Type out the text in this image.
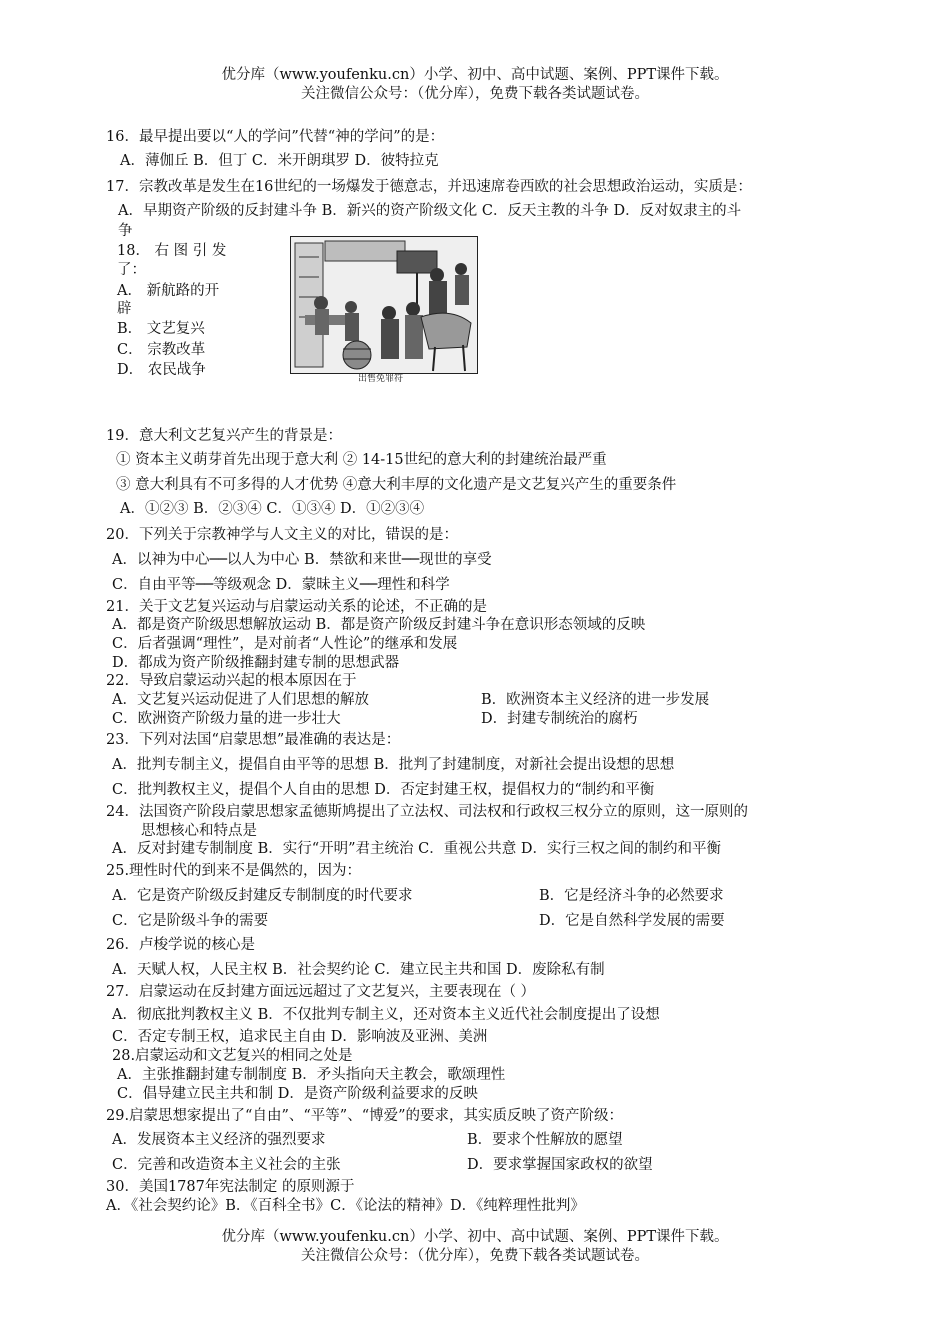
优分库（www.youfenku.cn）小学、初中、高中试题、案例、PPT课件下载。
关注微信公众号：（优分库），免费下载各类试题试卷。
16．最早提出要以“人的学问”代替“神的学问”的是：
A．薄伽丘 B．但丁 C．米开朗琪罗 D．彼特拉克
17．宗教改革是发生在16世纪的一场爆发于德意志，并迅速席卷西欧的社会思想政治运动，实质是：
A．早期资产阶级的反封建斗争 B．新兴的资产阶级文化 C．反天主教的斗争 D．反对奴隶主的斗
争
18． 右 图 引 发
了：
A． 新航路的开
辟
B． 文艺复兴
C． 宗教改革
D． 农民战争
19．意大利文艺复兴产生的背景是：
① 资本主义萌芽首先出现于意大利 ② 14-15世纪的意大利的封建统治最严重
③ 意大利具有不可多得的人才优势 ④意大利丰厚的文化遗产是文艺复兴产生的重要条件
A．①②③ B．②③④ C．①③④ D．①②③④
20．下列关于宗教神学与人文主义的对比，错误的是：
A．以神为中心──以人为中心 B．禁欲和来世──现世的享受
C．自由平等──等级观念 D．蒙昧主义──理性和科学
21．关于文艺复兴运动与启蒙运动关系的论述，不正确的是
A．都是资产阶级思想解放运动 B．都是资产阶级反封建斗争在意识形态领域的反映
C．后者强调“理性”，是对前者“人性论”的继承和发展
D．都成为资产阶级推翻封建专制的思想武器
22．导致启蒙运动兴起的根本原因在于
A．文艺复兴运动促进了人们思想的解放	B．欧洲资本主义经济的进一步发展
C．欧洲资产阶级力量的进一步壮大	D．封建专制统治的腐朽
23．下列对法国“启蒙思想”最准确的表达是：
A．批判专制主义，提倡自由平等的思想 B．批判了封建制度，对新社会提出设想的思想
C．批判教权主义，提倡个人自由的思想 D．否定封建王权，提倡权力的“制约和平衡
24．法国资产阶段启蒙思想家孟德斯鸠提出了立法权、司法权和行政权三权分立的原则，这一原则的
思想核心和特点是
A．反对封建专制制度 B．实行“开明”君主统治 C．重视公共意 D．实行三权之间的制约和平衡
25.理性时代的到来不是偶然的，因为：
A．它是资产阶级反封建反专制制度的时代要求	B．它是经济斗争的必然要求
C．它是阶级斗争的需要	D．它是自然科学发展的需要
26．卢梭学说的核心是
A．天赋人权，人民主权 B．社会契约论 C．建立民主共和国 D．废除私有制
27．启蒙运动在反封建方面远远超过了文艺复兴，主要表现在（ ）
A．彻底批判教权主义 B．不仅批判专制主义，还对资本主义近代社会制度提出了设想
C．否定专制王权，追求民主自由 D．影响波及亚洲、美洲
28.启蒙运动和文艺复兴的相同之处是
A．主张推翻封建专制制度 B．矛头指向天主教会，歌颂理性
C．倡导建立民主共和制 D．是资产阶级利益要求的反映
29.启蒙思想家提出了“自由”、“平等”、“博爱”的要求，其实质反映了资产阶级：
A．发展资本主义经济的强烈要求	B．要求个性解放的愿望
C．完善和改造资本主义社会的主张	D．要求掌握国家政权的欲望
30．美国1787年宪法制定 的原则源于
A．《社会契约论》B．《百科全书》C．《论法的精神》D．《纯粹理性批判》
出售免罪符
优分库（www.youfenku.cn）小学、初中、高中试题、案例、PPT课件下载。
关注微信公众号：（优分库），免费下载各类试题试卷。
